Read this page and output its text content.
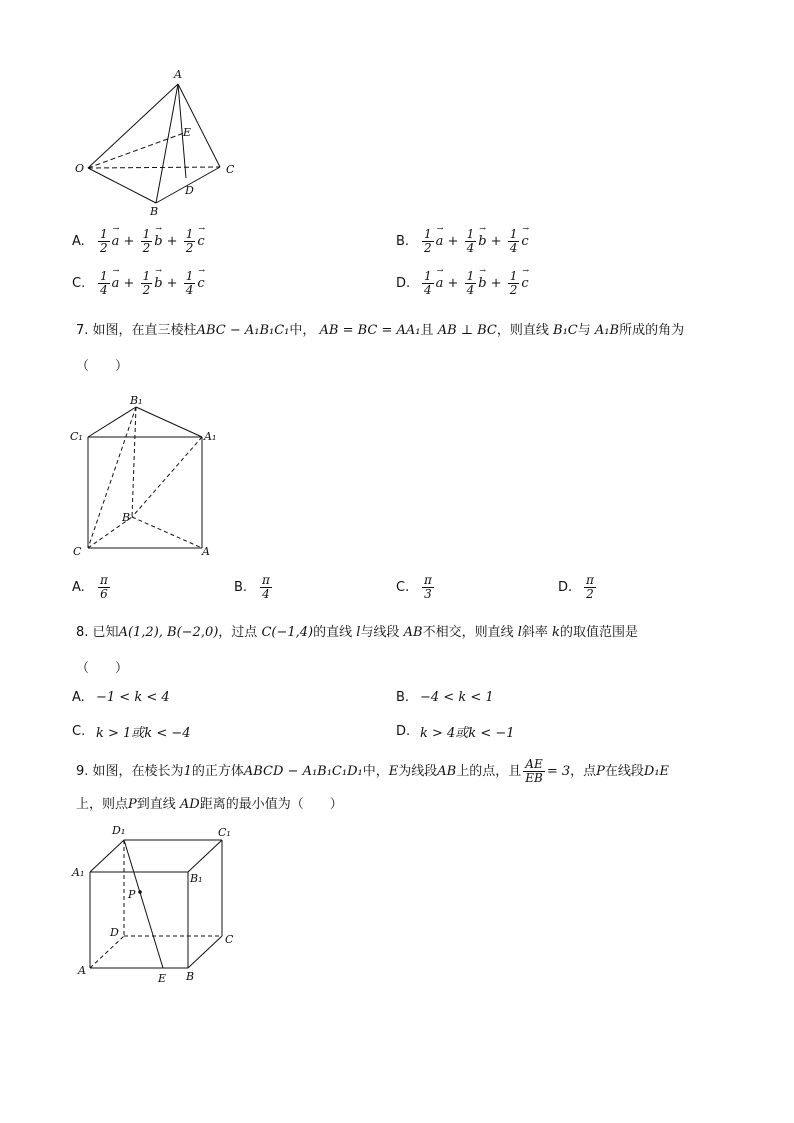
A
E
O	C
D
B
A.	$\frac{1}{2}$
→ $a + \frac{1}{2}$
→ $b + \frac{1}{2}$
→ c	B.	$\frac{1}{2}$
→ $a + \frac{1}{4}$
→ $b + \frac{1}{4}$
→ c
C.	$\frac{1}{4}$
→ $a + \frac{1}{2}$
→ $b + \frac{1}{4}$
→ c	D. $\frac{1}{4}$
→ $a + \frac{1}{4}$
→ $b + \frac{1}{2}$
→ c
7. 如图，在直三棱柱ABC − A₁B₁C₁中， AB = BC = AA₁且 AB ⊥ BC，则直线 B₁C与 A₁B所成的角为
（　　）
B₁
C₁	A₁
B
C	A
A.	$\frac{\pi}{6}$	B.	$\frac{\pi}{4}$	C.	$\frac{\pi}{3}$	D. $\frac{\pi}{2}$
8. 已知A(1,2), B(−2,0)，过点 C(−1,4)的直线 l与线段 AB不相交，则直线 l斜率 k的取值范围是
（　　）
A. −1 < k < 4	B. −4 < k < 1
C. k > 1或k < −4	D. k > 4或k < −1
9.
如图，在棱长为 1 的正方体 ABCD − A₁B₁C₁D₁ 中， E 为线段 AB 上的点，且 $\frac{AE}{EB} = 3$ ，点 P 在线段 D₁E
上，则点P到直线 AD距离的最小值为（　　）
D₁	C₁
A₁	B₁
P
D
C
A
E B
